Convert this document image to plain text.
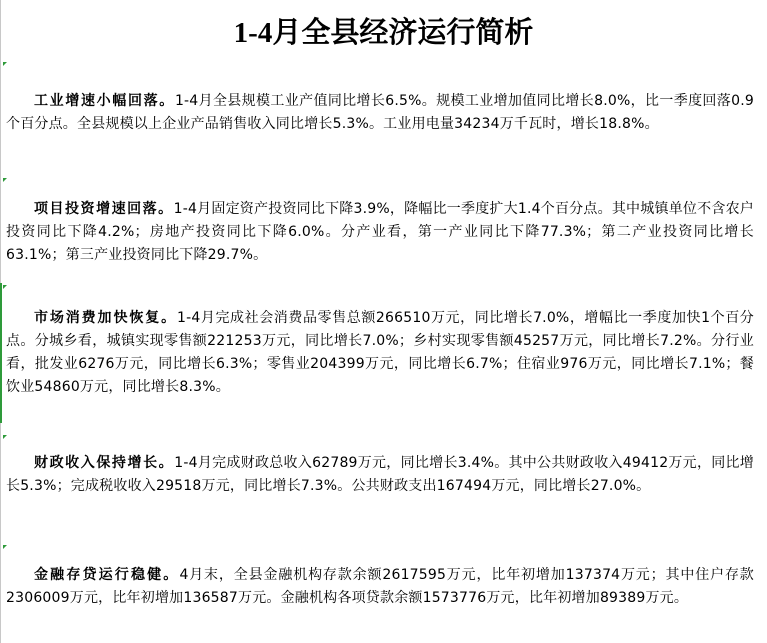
1-4月全县经济运行简析

工业增速小幅回落。1-4月全县规模工业产值同比增长6.5%。规模工业增加值同比增长8.0%，比一季度回落0.9个百分点。全县规模以上企业产品销售收入同比增长5.3%。工业用电量34234万千瓦时，增长18.8%。

项目投资增速回落。1-4月固定资产投资同比下降3.9%，降幅比一季度扩大1.4个百分点。其中城镇单位不含农户投资同比下降4.2%；房地产投资同比下降6.0%。分产业看，第一产业同比下降77.3%；第二产业投资同比增长63.1%；第三产业投资同比下降29.7%。

市场消费加快恢复。1-4月完成社会消费品零售总额266510万元，同比增长7.0%，增幅比一季度加快1个百分点。分城乡看，城镇实现零售额221253万元，同比增长7.0%；乡村实现零售额45257万元，同比增长7.2%。分行业看，批发业6276万元，同比增长6.3%；零售业204399万元，同比增长6.7%；住宿业976万元，同比增长7.1%；餐饮业54860万元，同比增长8.3%。

财政收入保持增长。1-4月完成财政总收入62789万元，同比增长3.4%。其中公共财政收入49412万元，同比增长5.3%；完成税收收入29518万元，同比增长7.3%。公共财政支出167494万元，同比增长27.0%。

金融存贷运行稳健。4月末，全县金融机构存款余额2617595万元，比年初增加137374万元；其中住户存款2306009万元，比年初增加136587万元。金融机构各项贷款余额1573776万元，比年初增加89389万元。
